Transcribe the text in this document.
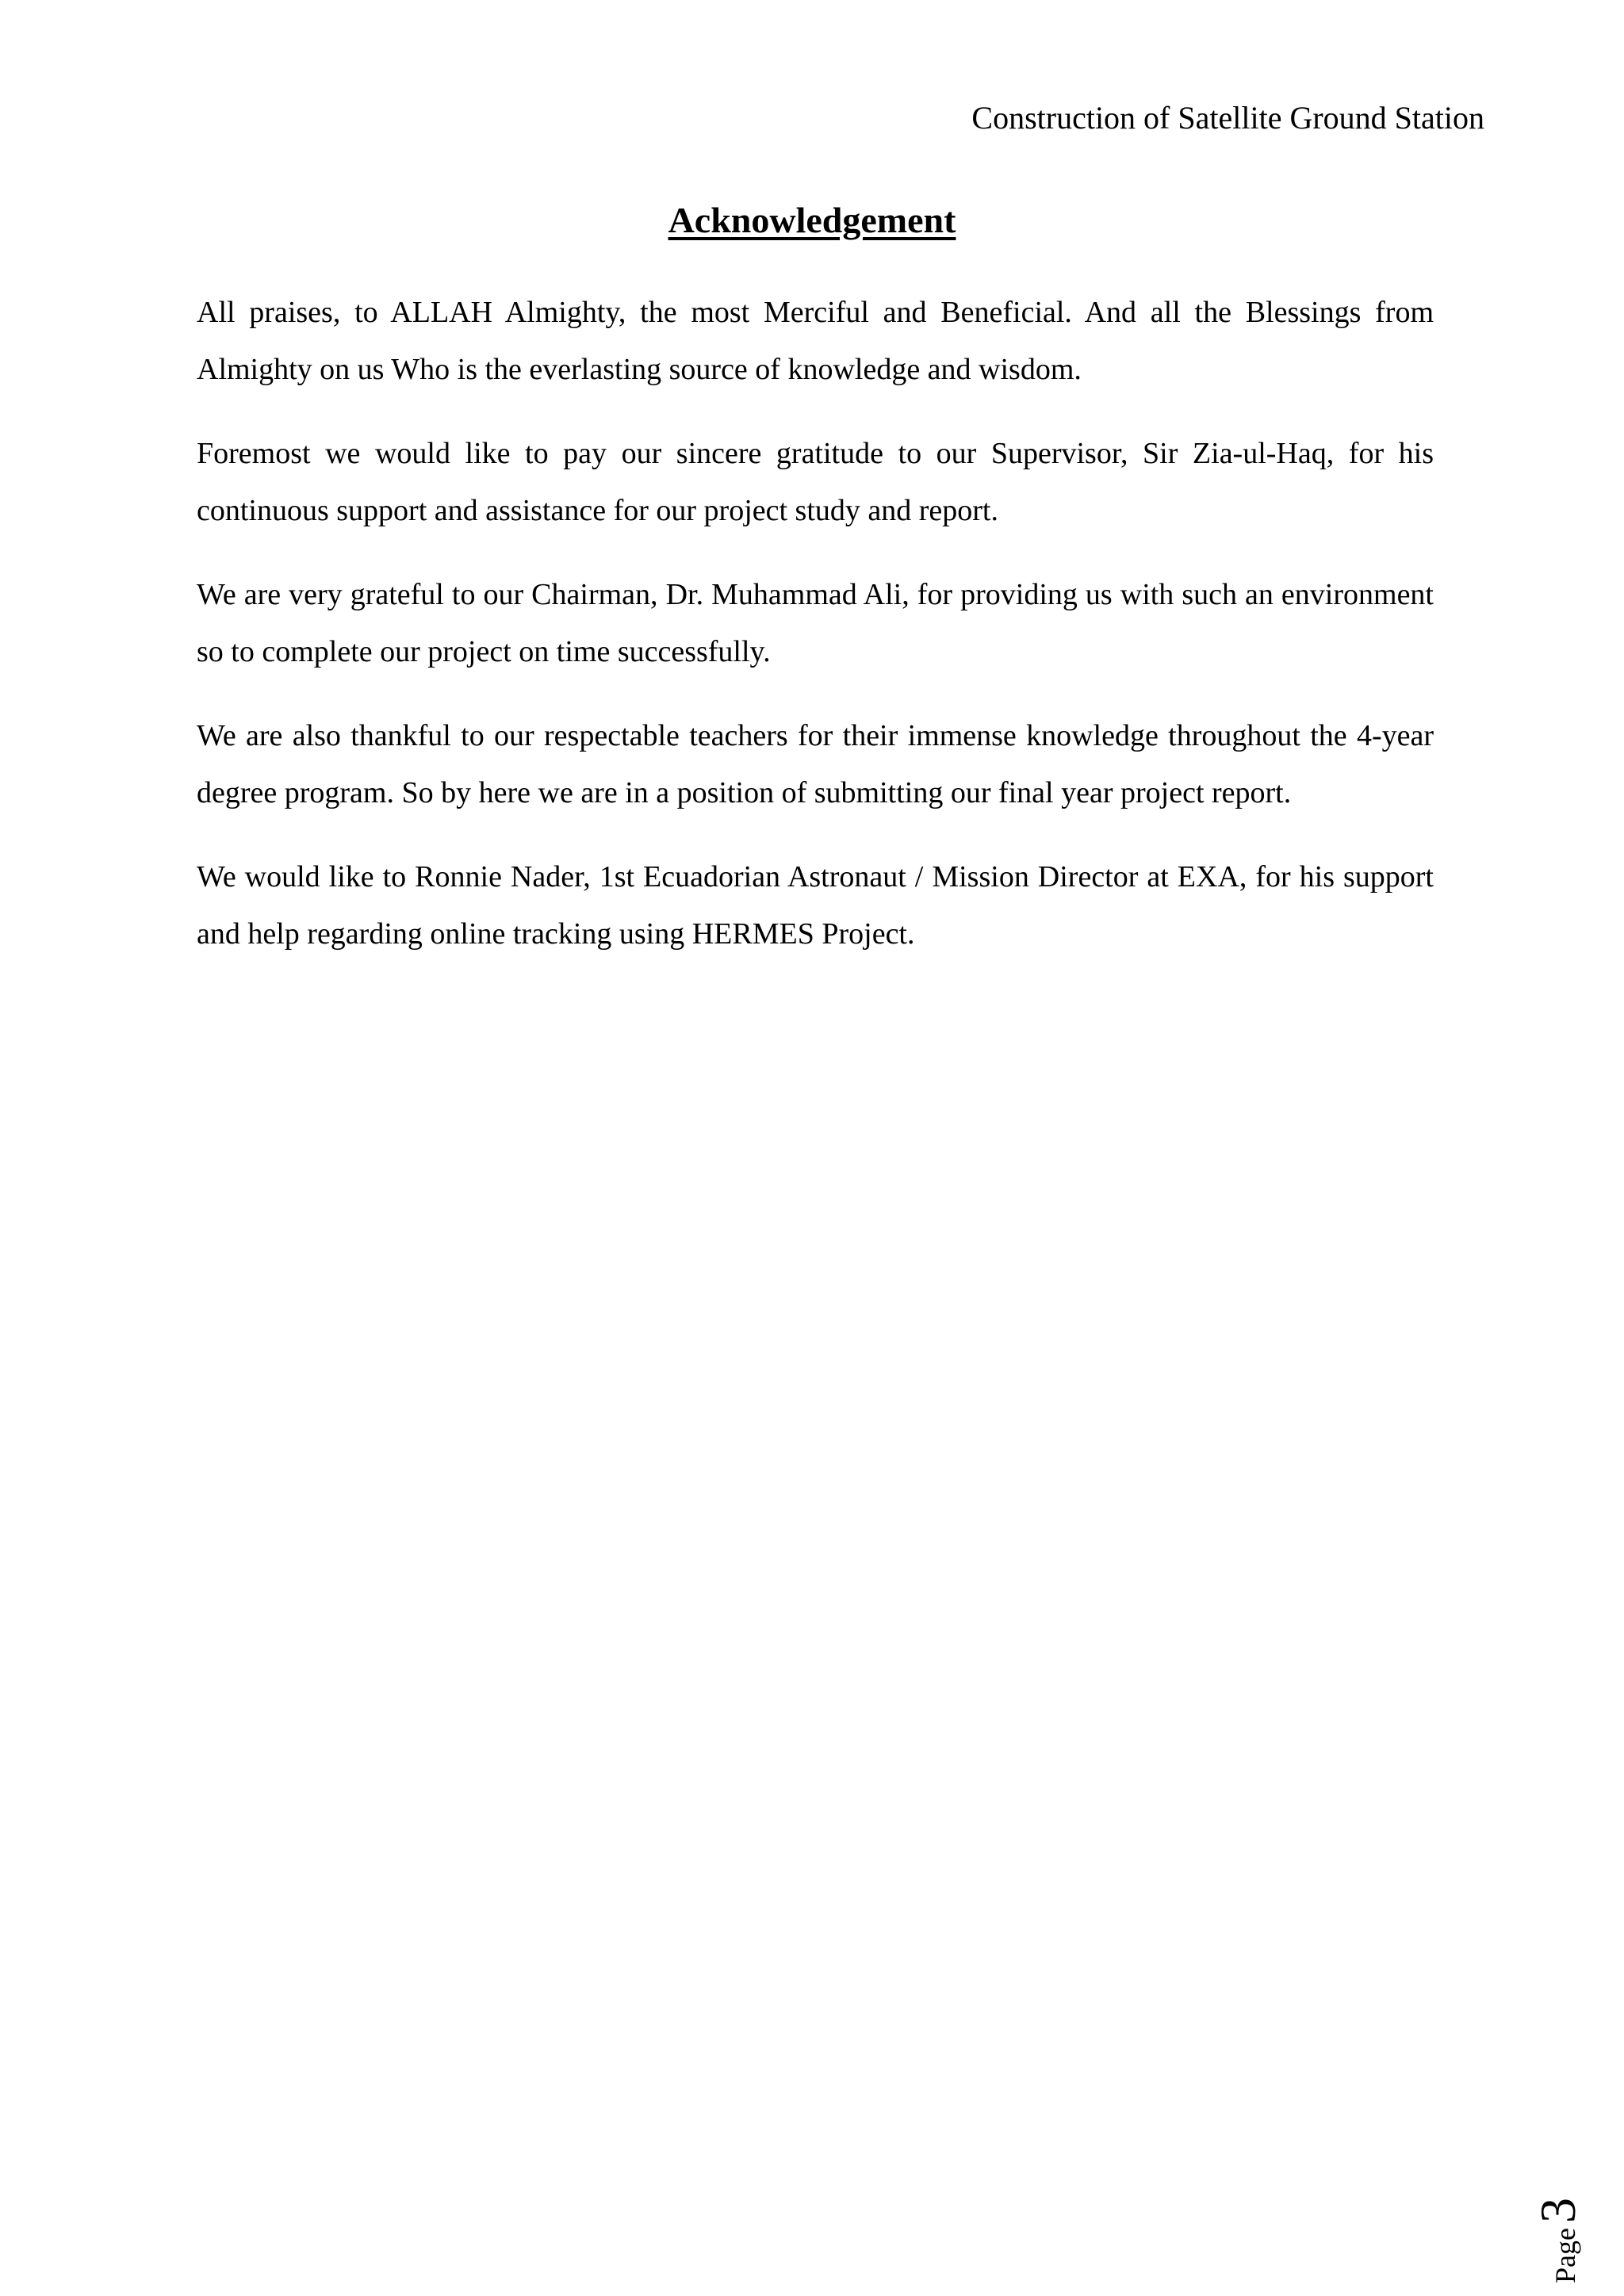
Construction of Satellite Ground Station
Acknowledgement

All praises, to ALLAH Almighty, the most Merciful and Beneficial. And all the Blessings from Almighty on us Who is the everlasting source of knowledge and wisdom.

Foremost we would like to pay our sincere gratitude to our Supervisor, Sir Zia-ul-Haq, for his continuous support and assistance for our project study and report.

We are very grateful to our Chairman, Dr. Muhammad Ali, for providing us with such an environment so to complete our project on time successfully.

We are also thankful to our respectable teachers for their immense knowledge throughout the 4-year degree program. So by here we are in a position of submitting our final year project report.

We would like to Ronnie Nader, 1st Ecuadorian Astronaut / Mission Director at EXA, for his support and help regarding online tracking using HERMES Project.

Page
3
